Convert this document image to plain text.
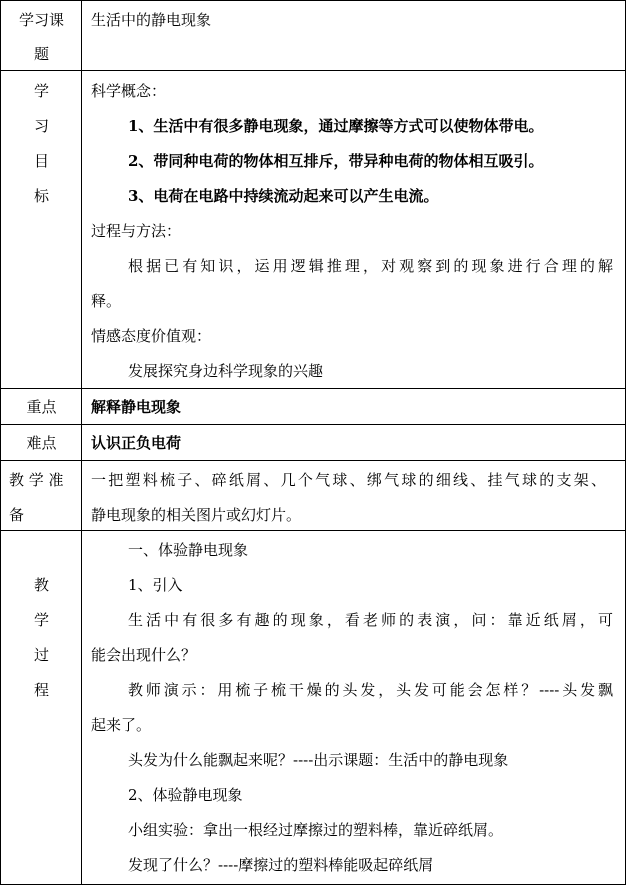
学习课
题
生活中的静电现象
学
习
目
标
科学概念：
1、生活中有很多静电现象，通过摩擦等方式可以使物体带电。
2、带同种电荷的物体相互排斥，带异种电荷的物体相互吸引。
3、电荷在电路中持续流动起来可以产生电流。
过程与方法：
根据已有知识，运用逻辑推理，对观察到的现象进行合理的解
释。
情感态度价值观：
发展探究身边科学现象的兴趣
重点	解释静电现象
难点	认识正负电荷
教 学 准
备
一把塑料梳子、碎纸屑、几个气球、绑气球的细线、挂气球的支架、
静电现象的相关图片或幻灯片。
教
学
过
程
一、体验静电现象
1、引入
生活中有很多有趣的现象，看老师的表演，问：靠近纸屑，可
能会出现什么？
教师演示：用梳子梳干燥的头发，头发可能会怎样？----头发飘
起来了。
头发为什么能飘起来呢？----出示课题：生活中的静电现象
2、体验静电现象
小组实验：拿出一根经过摩擦过的塑料棒，靠近碎纸屑。
发现了什么？----摩擦过的塑料棒能吸起碎纸屑
